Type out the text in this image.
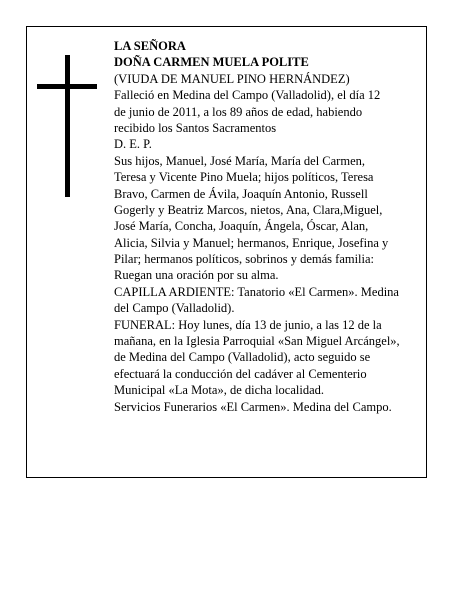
LA SEÑORA
DOÑA CARMEN MUELA POLITE
(VIUDA DE MANUEL PINO HERNÁNDEZ)
Falleció en Medina del Campo (Valladolid), el día 12
de junio de 2011, a los 89 años de edad, habiendo
recibido los Santos Sacramentos
D. E. P.
Sus hijos, Manuel, José María, María del Carmen,
Teresa y Vicente Pino Muela; hijos políticos, Teresa
Bravo, Carmen de Ávila, Joaquín Antonio, Russell
Gogerly y Beatriz Marcos, nietos, Ana, Clara,Miguel,
José María, Concha, Joaquín, Ángela, Óscar, Alan,
Alicia, Silvia y Manuel; hermanos, Enrique, Josefina y
Pilar; hermanos políticos, sobrinos y demás familia:
Ruegan una oración por su alma.
CAPILLA ARDIENTE: Tanatorio «El Carmen». Medina
del Campo (Valladolid).
FUNERAL: Hoy lunes, día 13 de junio, a las 12 de la
mañana, en la Iglesia Parroquial «San Miguel Arcángel»,
de Medina del Campo (Valladolid), acto seguido se
efectuará la conducción del cadáver al Cementerio
Municipal «La Mota», de dicha localidad.
Servicios Funerarios «El Carmen». Medina del Campo.
